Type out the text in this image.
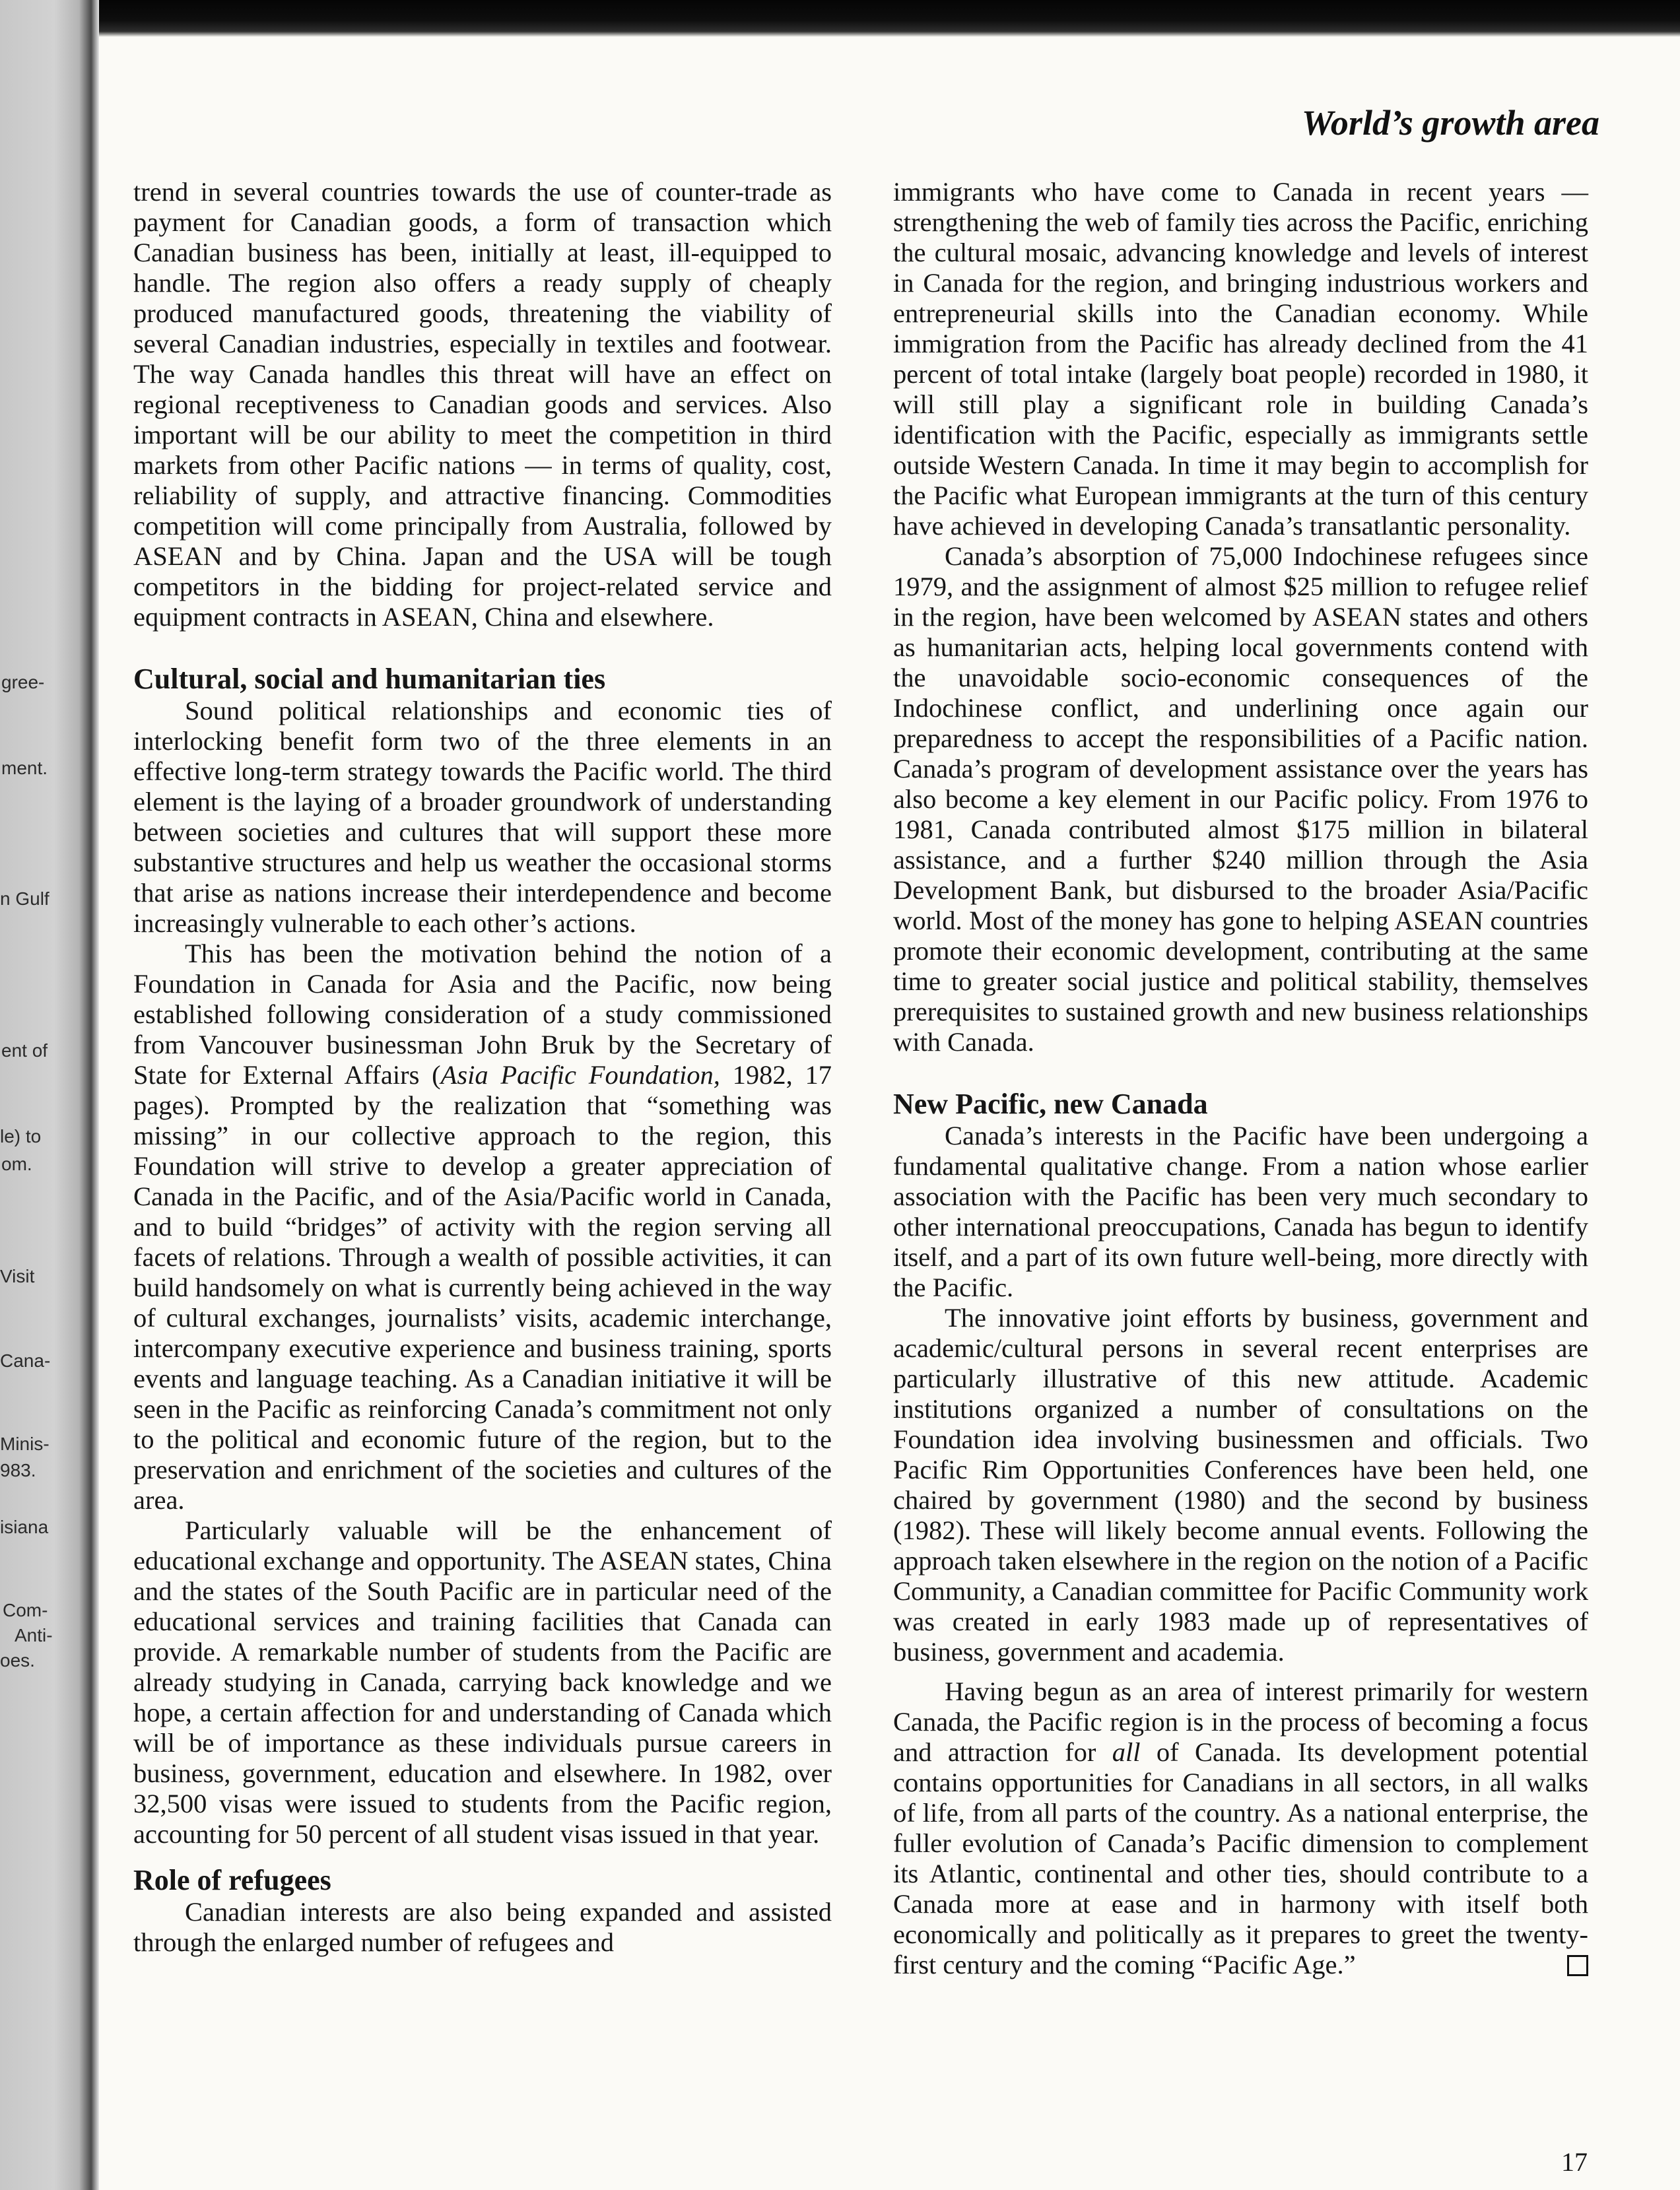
gree-
ment.
n Gulf
ent of
le) to
om.
Visit
Cana-
Minis-
983.
isiana
Com-
Anti-
oes.
World’s growth area

trend in several countries towards the use of counter-trade as payment for Canadian goods, a form of transaction which Canadian business has been, initially at least, ill-equipped to handle. The region also offers a ready supply of cheaply produced manufactured goods, threatening the viability of several Canadian industries, especially in textiles and footwear. The way Canada handles this threat will have an effect on regional receptiveness to Canadian goods and services. Also important will be our ability to meet the competition in third markets from other Pacific nations — in terms of quality, cost, reliability of supply, and attractive financing. Commodities competition will come principally from Australia, followed by ASEAN and by China. Japan and the USA will be tough competitors in the bidding for project-related service and equipment contracts in ASEAN, China and elsewhere.

Cultural, social and humanitarian ties

Sound political relationships and economic ties of interlocking benefit form two of the three elements in an effective long-term strategy towards the Pacific world. The third element is the laying of a broader groundwork of understanding between societies and cultures that will support these more substantive structures and help us weather the occasional storms that arise as nations increase their interdependence and become increasingly vulnerable to each other’s actions.

This has been the motivation behind the notion of a Foundation in Canada for Asia and the Pacific, now being established following consideration of a study commissioned from Vancouver businessman John Bruk by the Secretary of State for External Affairs (Asia Pacific Foundation, 1982, 17 pages). Prompted by the realization that “something was missing” in our collective approach to the region, this Foundation will strive to develop a greater appreciation of Canada in the Pacific, and of the Asia/Pacific world in Canada, and to build “bridges” of activity with the region serving all facets of relations. Through a wealth of possible activities, it can build handsomely on what is currently being achieved in the way of cultural exchanges, journalists’ visits, academic interchange, intercompany executive experience and business training, sports events and language teaching. As a Canadian initiative it will be seen in the Pacific as reinforcing Canada’s commitment not only to the political and economic future of the region, but to the preservation and enrichment of the societies and cultures of the area.

Particularly valuable will be the enhancement of educational exchange and opportunity. The ASEAN states, China and the states of the South Pacific are in particular need of the educational services and training facilities that Canada can provide. A remarkable number of students from the Pacific are already studying in Canada, carrying back knowledge and we hope, a certain affection for and understanding of Canada which will be of importance as these individuals pursue careers in business, government, education and elsewhere. In 1982, over 32,500 visas were issued to students from the Pacific region, accounting for 50 percent of all student visas issued in that year.

Role of refugees

Canadian interests are also being expanded and assisted through the enlarged number of refugees and

immigrants who have come to Canada in recent years — strengthening the web of family ties across the Pacific, enriching the cultural mosaic, advancing knowledge and levels of interest in Canada for the region, and bringing industrious workers and entrepreneurial skills into the Canadian economy. While immigration from the Pacific has already declined from the 41 percent of total intake (largely boat people) recorded in 1980, it will still play a significant role in building Canada’s identification with the Pacific, especially as immigrants settle outside Western Canada. In time it may begin to accomplish for the Pacific what European immigrants at the turn of this century have achieved in developing Canada’s transatlantic personality.

Canada’s absorption of 75,000 Indochinese refugees since 1979, and the assignment of almost $25 million to refugee relief in the region, have been welcomed by ASEAN states and others as humanitarian acts, helping local governments contend with the unavoidable socio-economic consequences of the Indochinese conflict, and underlining once again our preparedness to accept the responsibilities of a Pacific nation. Canada’s program of development assistance over the years has also become a key element in our Pacific policy. From 1976 to 1981, Canada contributed almost $175 million in bilateral assistance, and a further $240 million through the Asia Development Bank, but disbursed to the broader Asia/Pacific world. Most of the money has gone to helping ASEAN countries promote their economic development, contributing at the same time to greater social justice and political stability, themselves prerequisites to sustained growth and new business relationships with Canada.

New Pacific, new Canada

Canada’s interests in the Pacific have been undergoing a fundamental qualitative change. From a nation whose earlier association with the Pacific has been very much secondary to other international preoccupations, Canada has begun to identify itself, and a part of its own future well-being, more directly with the Pacific.

The innovative joint efforts by business, government and academic/cultural persons in several recent enterprises are particularly illustrative of this new attitude. Academic institutions organized a number of consultations on the Foundation idea involving businessmen and officials. Two Pacific Rim Opportunities Conferences have been held, one chaired by government (1980) and the second by business (1982). These will likely become annual events. Following the approach taken elsewhere in the region on the notion of a Pacific Community, a Canadian committee for Pacific Community work was created in early 1983 made up of representatives of business, government and academia.

Having begun as an area of interest primarily for western Canada, the Pacific region is in the process of becoming a focus and attraction for all of Canada. Its development potential contains opportunities for Canadians in all sectors, in all walks of life, from all parts of the country. As a national enterprise, the fuller evolution of Canada’s Pacific dimension to complement its Atlantic, continental and other ties, should contribute to a Canada more at ease and in harmony with itself both economically and politically as it prepares to greet the twenty-first century and the coming “Pacific Age.”

17
